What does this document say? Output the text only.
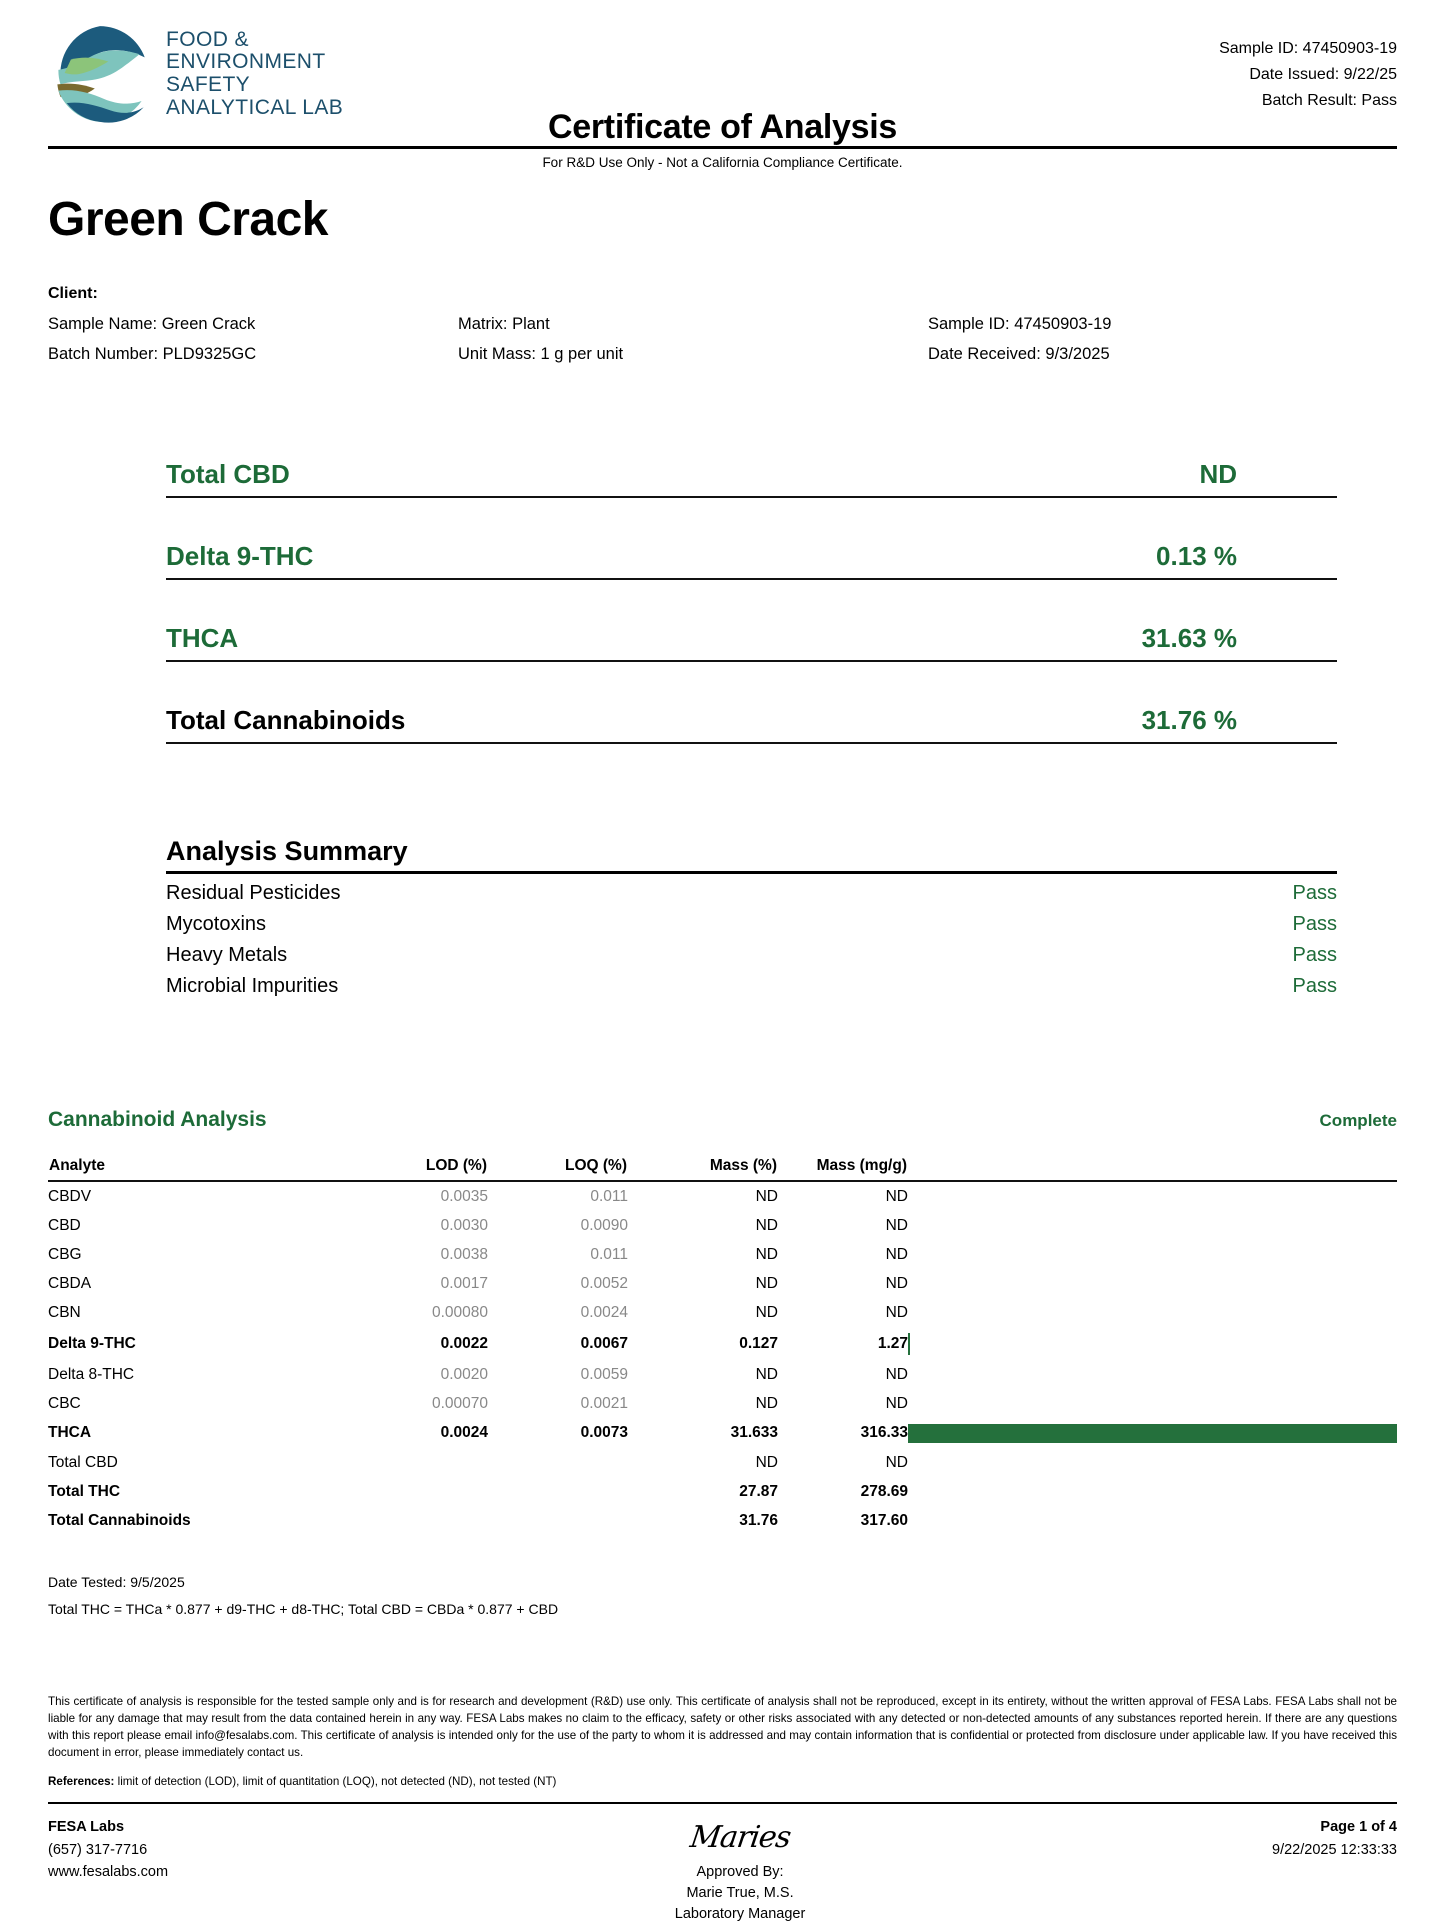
FOOD &
ENVIRONMENT
SAFETY
ANALYTICAL LAB
Sample ID: 47450903-19
Date Issued: 9/22/25
Batch Result: Pass
Certificate of Analysis
For R&D Use Only - Not a California Compliance Certificate.
Green Crack
Client:
Sample Name: Green Crack	Matrix: Plant	Sample ID: 47450903-19
Batch Number: PLD9325GC	Unit Mass: 1 g per unit	Date Received: 9/3/2025
Total CBD	ND
Delta 9-THC	0.13 %
THCA	31.63 %
Total Cannabinoids	31.76 %
Analysis Summary
Residual Pesticides	Pass
Mycotoxins	Pass
Heavy Metals	Pass
Microbial Impurities	Pass
Cannabinoid Analysis	Complete
Analyte	LOD (%)	LOQ (%)	Mass (%)	Mass (mg/g)	
CBDV	0.0035	0.011	ND	ND	
CBD	0.0030	0.0090	ND	ND	
CBG	0.0038	0.011	ND	ND	
CBDA	0.0017	0.0052	ND	ND	
CBN	0.00080	0.0024	ND	ND	
Delta 9-THC	0.0022	0.0067	0.127	1.27	

Delta 8-THC	0.0020	0.0059	ND	ND	
CBC	0.00070	0.0021	ND	ND	
THCA	0.0024	0.0073	31.633	316.33	

Total CBD			ND	ND	
Total THC			27.87	278.69	
Total Cannabinoids			31.76	317.60	
Date Tested: 9/5/2025
Total THC = THCa * 0.877 + d9-THC + d8-THC; Total CBD = CBDa * 0.877 + CBD
This certificate of analysis is responsible for the tested sample only and is for research and development (R&D) use only. This certificate of analysis shall not be reproduced, except in its entirety, without the written approval of FESA Labs. FESA Labs shall not be liable for any damage that may result from the data contained herein in any way. FESA Labs makes no claim to the efficacy, safety or other risks associated with any detected or non-detected amounts of any substances reported herein. If there are any questions with this report please email info@fesalabs.com. This certificate of analysis is intended only for the use of the party to whom it is addressed and may contain information that is confidential or protected from disclosure under applicable law. If you have received this document in error, please immediately contact us.
References: limit of detection (LOD), limit of quantitation (LOQ), not detected (ND), not tested (NT)
FESA Labs
(657) 317-7716
www.fesalabs.com
Maries
Approved By:
Marie True, M.S.
Laboratory Manager
Page 1 of 4
9/22/2025 12:33:33
